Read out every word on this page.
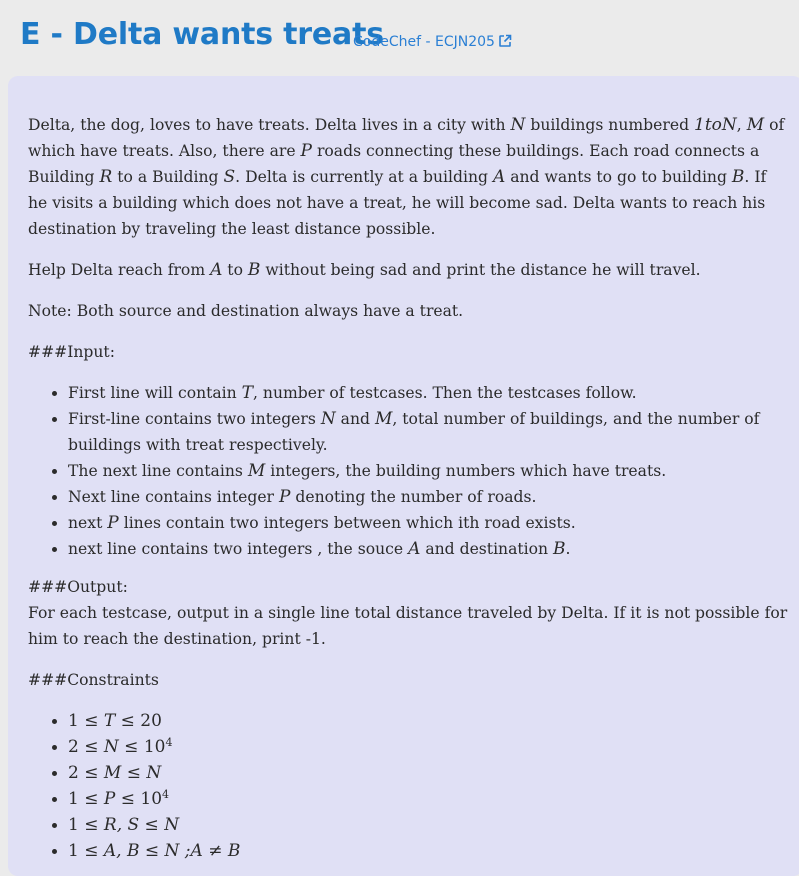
E - Delta wants treats
CodeChef - ECJN205

Delta, the dog, loves to have treats. Delta lives in a city with N buildings numbered 1toN, M of which have treats. Also, there are P roads connecting these buildings. Each road connects a Building R to a Building S. Delta is currently at a building A and wants to go to building B. If he visits a building which does not have a treat, he will become sad. Delta wants to reach his destination by traveling the least distance possible.

Help Delta reach from A to B without being sad and print the distance he will travel.

Note: Both source and destination always have a treat.

###Input:

• First line will contain T, number of testcases. Then the testcases follow.
• First-line contains two integers N and M, total number of buildings, and the number of buildings with treat respectively.
• The next line contains M integers, the building numbers which have treats.
• Next line contains integer P denoting the number of roads.
• next P lines contain two integers between which ith road exists.
• next line contains two integers , the souce A and destination B.

###Output:
For each testcase, output in a single line total distance traveled by Delta. If it is not possible for him to reach the destination, print -1.

###Constraints

• 1 ≤ T ≤ 20
• $2 \le N \le 10^4$
• 2 ≤ M ≤ N
• $1 \le P \le 10^4$
• 1 ≤ R, S ≤ N
• 1 ≤ A, B ≤ N ;A ≠ B
